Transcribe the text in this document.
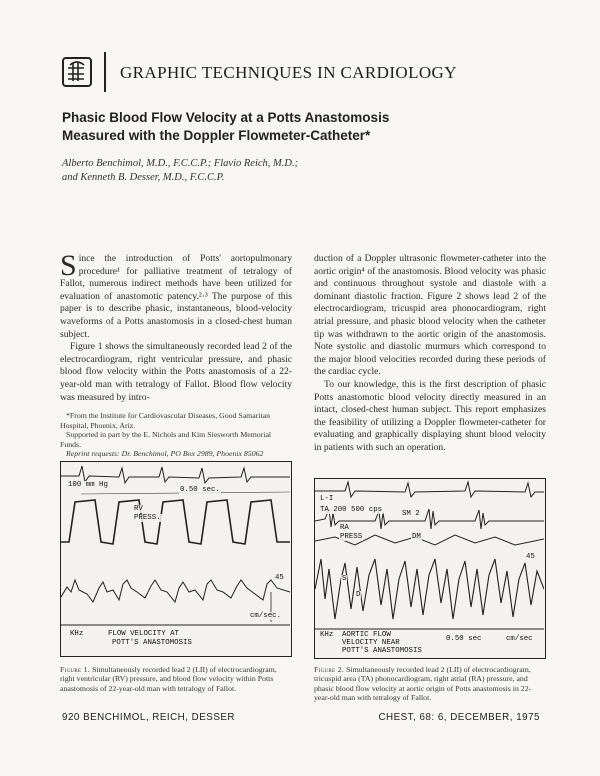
GRAPHIC TECHNIQUES IN CARDIOLOGY
Phasic Blood Flow Velocity at a Potts Anastomosis
Measured with the Doppler Flowmeter-Catheter*
Alberto Benchimol, M.D., F.C.C.P.; Flavio Reich, M.D.;
and Kenneth B. Desser, M.D., F.C.C.P.

Since the introduction of Potts' aortopulmonary procedure¹ for palliative treatment of tetralogy of Fallot, numerous indirect methods have been utilized for evaluation of anastomotic patency.²·³ The purpose of this paper is to describe phasic, instantaneous, blood-velocity waveforms of a Potts anastomosis in a closed-chest human subject.

Figure 1 shows the simultaneously recorded lead 2 of the electrocardiogram, right ventricular pressure, and phasic blood flow velocity within the Potts anastomosis of a 22-year-old man with tetralogy of Fallot. Blood flow velocity was measured by intro-

*From the Institute for Cardiovascular Diseases, Good Samaritan Hospital, Phoenix, Ariz.
Supported in part by the E. Nichols and Kim Siesworth Memorial Funds.
Reprint requests: Dr. Benchimol, PO Box 2989, Phoenix 85062
100 mm Hg
0.50 sec.
RV
PRESS.
45
cm/sec.
KHz	FLOW VELOCITY AT
POTT'S ANASTOMOSIS
Figure 1. Simultaneously recorded lead 2 (LII) of electrocardiogram, right ventricular (RV) pressure, and blood flow velocity within Potts anastomosis of 22-year-old man with tetralogy of Fallot.

duction of a Doppler ultrasonic flowmeter-catheter into the aortic origin⁴ of the anastomosis. Blood velocity was phasic and continuous throughout systole and diastole with a dominant diastolic fraction. Figure 2 shows lead 2 of the electrocardiogram, tricuspid area phonocardiogram, right atrial pressure, and phasic blood velocity when the catheter tip was withdrawn to the aortic origin of the anastomosis. Note systolic and diastolic murmurs which correspond to the major blood velocities recorded during these periods of the cardiac cycle.

To our knowledge, this is the first description of phasic Potts anastomotic blood velocity directly measured in an intact, closed-chest human subject. This report emphasizes the feasibility of utilizing a Doppler flowmeter-catheter for evaluating and graphically displaying shunt blood velocity in patients with such an operation.

L-I
TA 200 500 cps	SM 2
RA
PRESS	DM
S
D
45
KHz AORTIC FLOW
VELOCITY NEAR
POTT'S ANASTOMOSIS
0.50 sec	cm/sec
Figure 2. Simultaneously recorded lead 2 (LII) of electrocardiogram, tricuspid area (TA) phonocardiogram, right atrial (RA) pressure, and phasic blood flow velocity at aortic origin of Potts anastomosis in 22-year-old man with tetralogy of Fallot.
920 BENCHIMOL, REICH, DESSER	CHEST, 68: 6, DECEMBER, 1975
